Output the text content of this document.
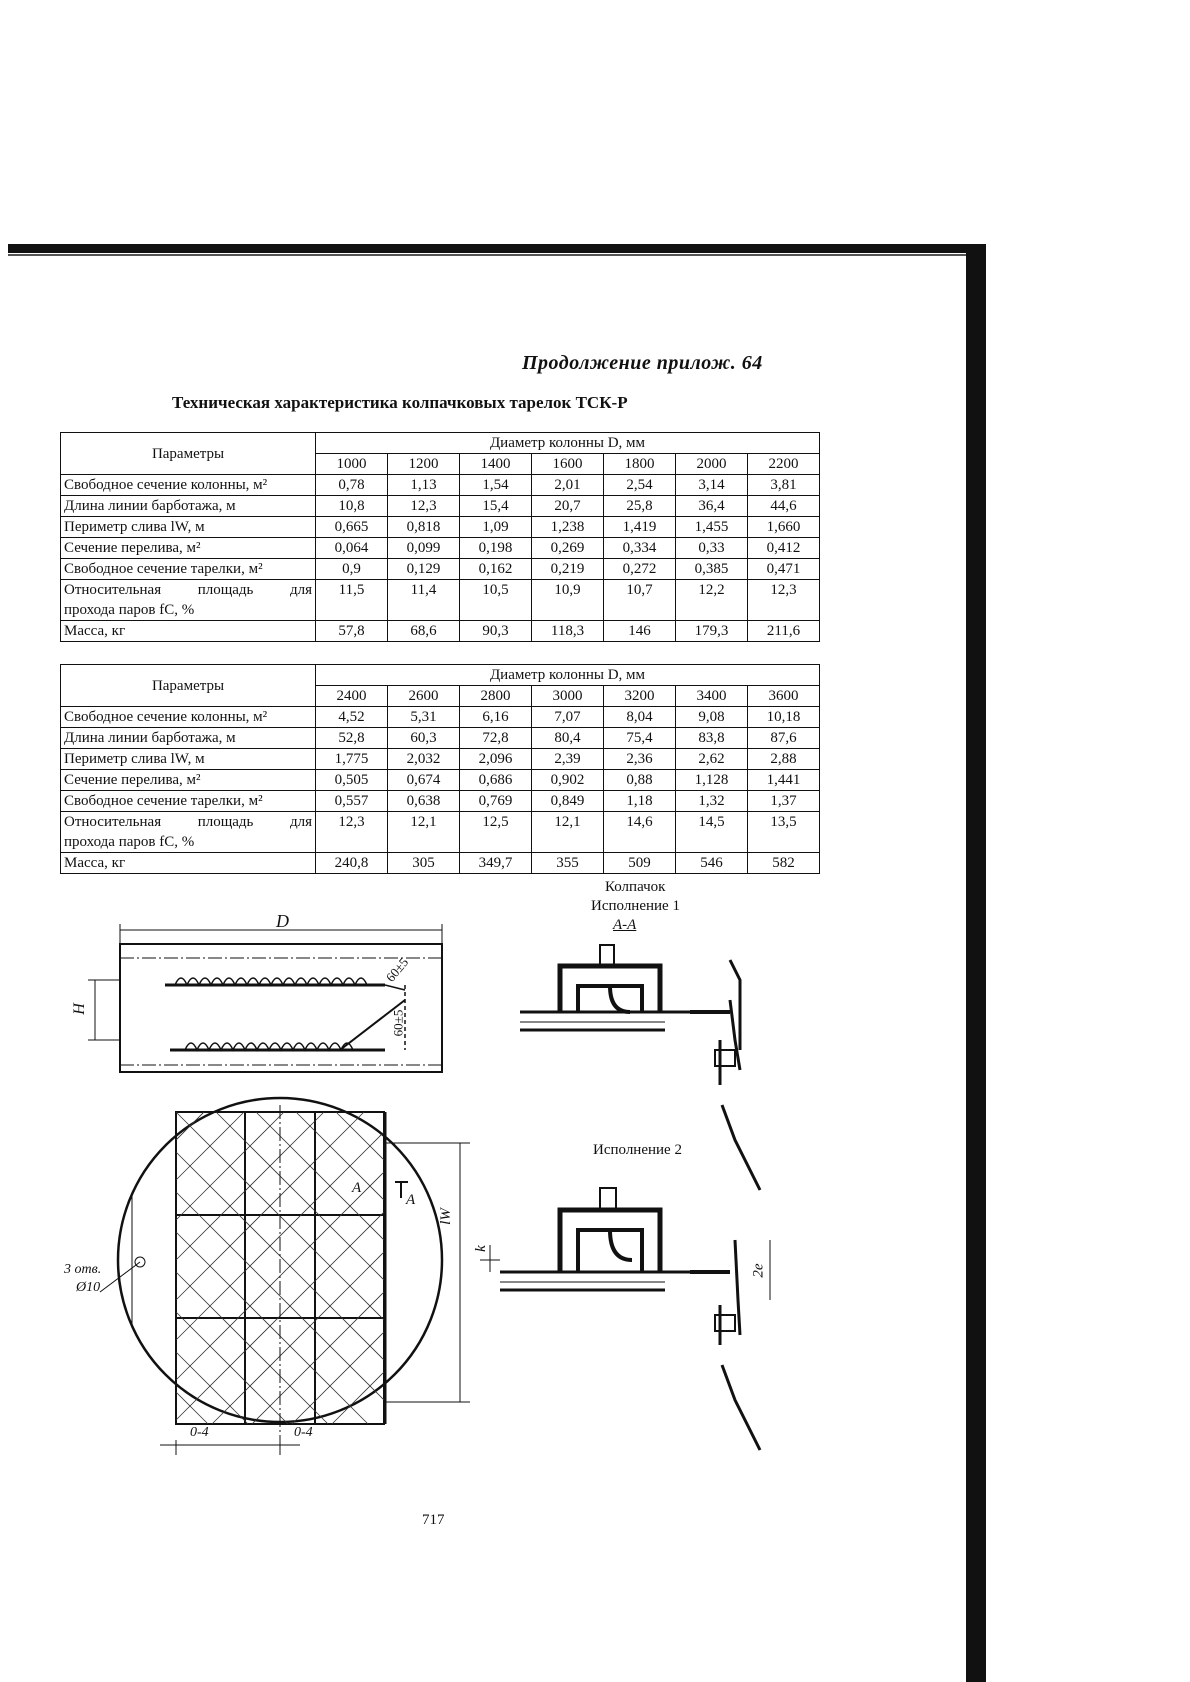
Продолжение прилож. 64
Техническая характеристика колпачковых тарелок ТСК-Р
Параметры	Диаметр колонны D, мм						
	1000	1200	1400	1600	1800	2000	2200
Свободное сечение колонны, м²	0,78	1,13	1,54	2,01	2,54	3,14	3,81
Длина линии барботажа, м	10,8	12,3	15,4	20,7	25,8	36,4	44,6
Периметр слива lW, м	0,665	0,818	1,09	1,238	1,419	1,455	1,660
Сечение перелива, м²	0,064	0,099	0,198	0,269	0,334	0,33	0,412
Свободное сечение тарелки, м²	0,9	0,129	0,162	0,219	0,272	0,385	0,471

Относительная площадь для
прохода паров fC, %	11,5	11,4	10,5	10,9	10,7	12,2	12,3
Масса, кг	57,8	68,6	90,3	118,3	146	179,3	211,6
Параметры	Диаметр колонны D, мм						
	2400	2600	2800	3000	3200	3400	3600
Свободное сечение колонны, м²	4,52	5,31	6,16	7,07	8,04	9,08	10,18
Длина линии барботажа, м	52,8	60,3	72,8	80,4	75,4	83,8	87,6
Периметр слива lW, м	1,775	2,032	2,096	2,39	2,36	2,62	2,88
Сечение перелива, м²	0,505	0,674	0,686	0,902	0,88	1,128	1,441
Свободное сечение тарелки, м²	0,557	0,638	0,769	0,849	1,18	1,32	1,37

Относительная площадь для
прохода паров fC, %	12,3	12,1	12,5	12,1	14,6	14,5	13,5
Масса, кг	240,8	305	349,7	355	509	546	582
D
H
60±5
60±5
Колпачок
Исполнение 1
А-А
Исполнение 2
lW
A
A
3 отв.
Ø10
0-4	0-4
k
2e
717
